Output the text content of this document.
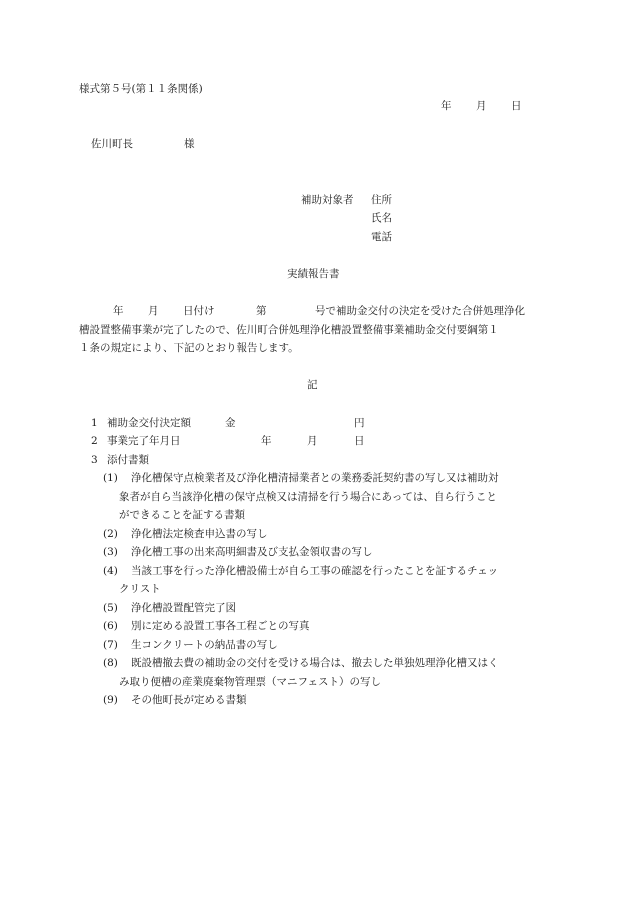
様式第５号(第１１条関係)
年 月 日
佐川町長	様
補助対象者 住所
氏名
電話
実績報告書
年 月 日付け	第	号で補助金交付の決定を受けた合併処理浄化
槽設置整備事業が完了したので、佐川町合併処理浄化槽設置整備事業補助金交付要綱第１
１条の規定により、下記のとおり報告します。
記
1 補助金交付決定額	金	円
2 事業完了年月日	年	月	日
3 添付書類
(1) 浄化槽保守点検業者及び浄化槽清掃業者との業務委託契約書の写し又は補助対
象者が自ら当該浄化槽の保守点検又は清掃を行う場合にあっては、自ら行うこと
ができることを証する書類
(2) 浄化槽法定検査申込書の写し
(3) 浄化槽工事の出来高明細書及び支払金領収書の写し
(4) 当該工事を行った浄化槽設備士が自ら工事の確認を行ったことを証するチェッ
クリスト
(5) 浄化槽設置配管完了図
(6) 別に定める設置工事各工程ごとの写真
(7) 生コンクリートの納品書の写し
(8) 既設槽撤去費の補助金の交付を受ける場合は、撤去した単独処理浄化槽又はく
み取り便槽の産業廃棄物管理票（マニフェスト）の写し
(9) その他町長が定める書類
